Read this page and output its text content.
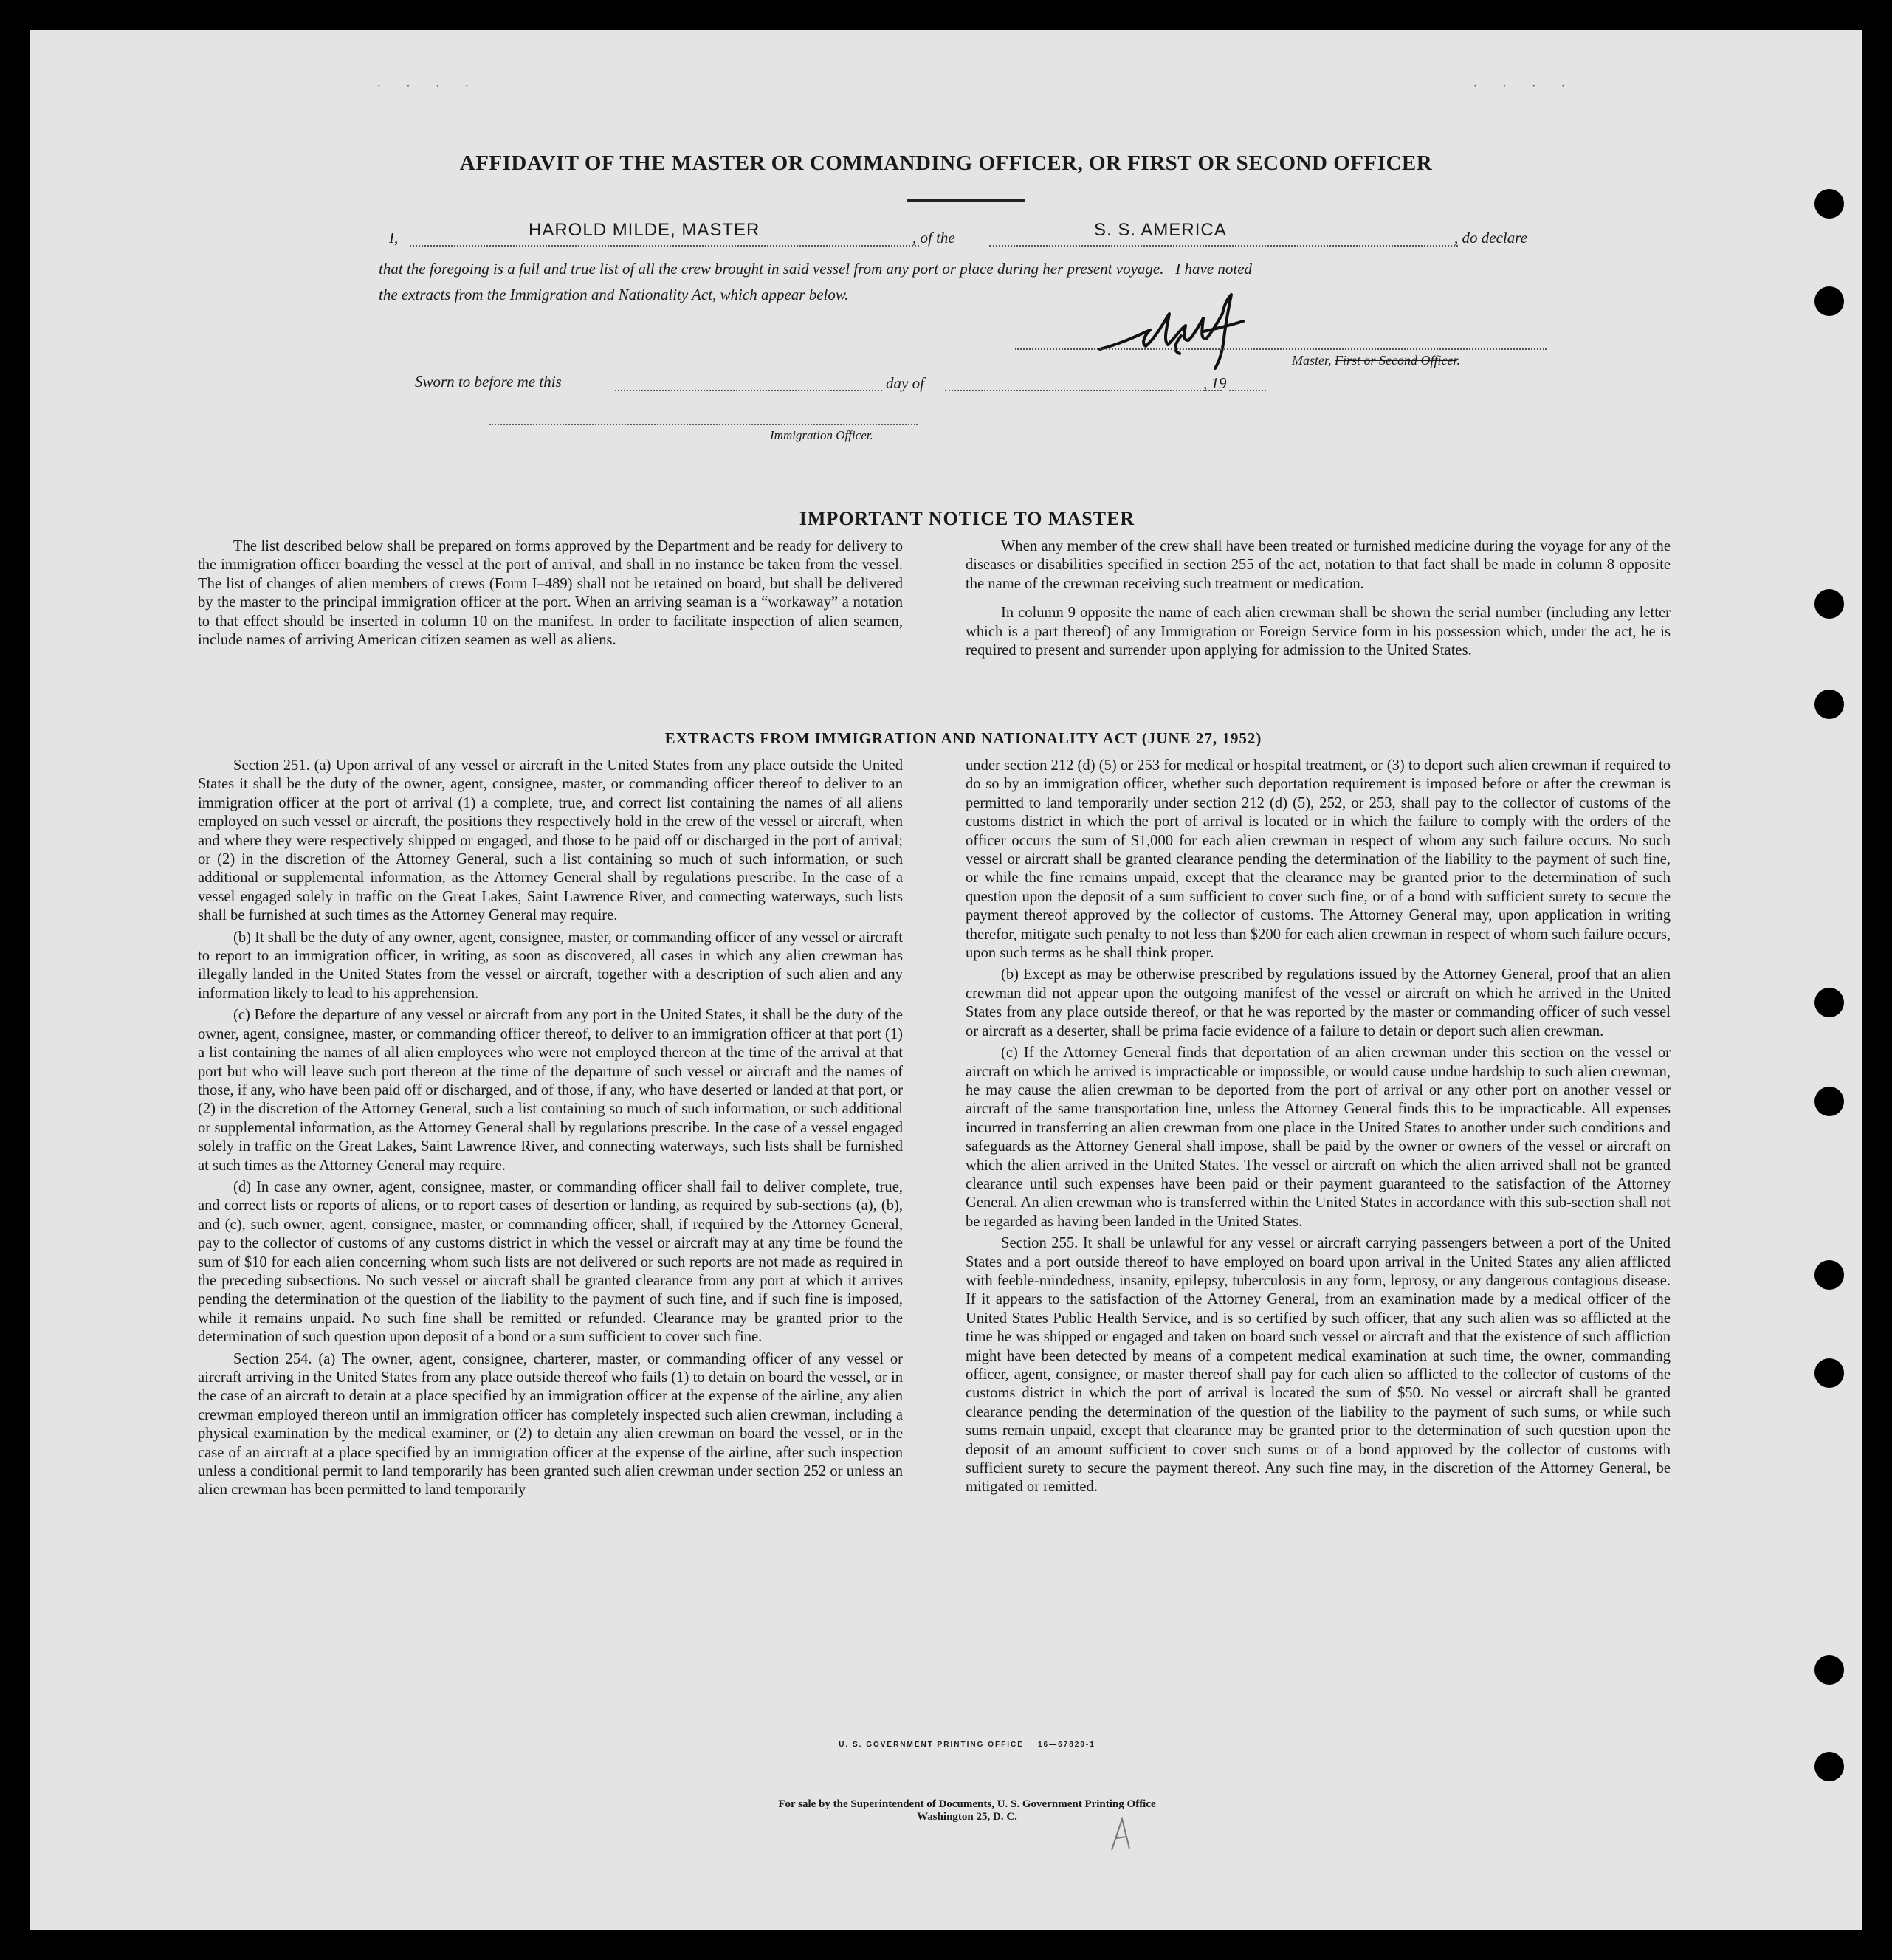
· · · ·	· · · ·
AFFIDAVIT OF THE MASTER OR COMMANDING OFFICER, OR FIRST OR SECOND OFFICER
I,	HAROLD MILDE, MASTER	, of the	S. S. AMERICA	, do declare
that the foregoing is a full and true list of all the crew brought in said vessel from any port or place during her present voyage.   I have noted
the extracts from the Immigration and Nationality Act, which appear below.
Master, First or Second Officer.
Sworn to before me this	day of	, 19
Immigration Officer.
IMPORTANT NOTICE TO MASTER

The list described below shall be prepared on forms approved by the Department and be ready for delivery to the immigration officer boarding the vessel at the port of arrival, and shall in no instance be taken from the vessel. The list of changes of alien members of crews (Form I–489) shall not be retained on board, but shall be delivered by the master to the principal immigration officer at the port. When an arriving seaman is a “workaway” a notation to that effect should be inserted in column 10 on the manifest. In order to facilitate inspection of alien seamen, include names of arriving American citizen seamen as well as aliens.

When any member of the crew shall have been treated or furnished medicine during the voyage for any of the diseases or disabilities specified in section 255 of the act, notation to that fact shall be made in column 8 opposite the name of the crewman receiving such treatment or medication.

In column 9 opposite the name of each alien crewman shall be shown the serial number (including any letter which is a part thereof) of any Immigration or Foreign Service form in his possession which, under the act, he is required to present and surrender upon applying for admission to the United States.

EXTRACTS FROM IMMIGRATION AND NATIONALITY ACT (JUNE 27, 1952)

Section 251. (a) Upon arrival of any vessel or aircraft in the United States from any place outside the United States it shall be the duty of the owner, agent, consignee, master, or commanding officer thereof to deliver to an immigration officer at the port of arrival (1) a complete, true, and correct list containing the names of all aliens employed on such vessel or aircraft, the positions they respectively hold in the crew of the vessel or aircraft, when and where they were respectively shipped or engaged, and those to be paid off or discharged in the port of arrival; or (2) in the discretion of the Attorney General, such a list containing so much of such information, or such additional or supplemental information, as the Attorney General shall by regulations prescribe. In the case of a vessel engaged solely in traffic on the Great Lakes, Saint Lawrence River, and connecting waterways, such lists shall be furnished at such times as the Attorney General may require.

(b) It shall be the duty of any owner, agent, consignee, master, or commanding officer of any vessel or aircraft to report to an immigration officer, in writing, as soon as discovered, all cases in which any alien crewman has illegally landed in the United States from the vessel or aircraft, together with a description of such alien and any information likely to lead to his apprehension.

(c) Before the departure of any vessel or aircraft from any port in the United States, it shall be the duty of the owner, agent, consignee, master, or commanding officer thereof, to deliver to an immigration officer at that port (1) a list containing the names of all alien employees who were not employed thereon at the time of the arrival at that port but who will leave such port thereon at the time of the departure of such vessel or aircraft and the names of those, if any, who have been paid off or discharged, and of those, if any, who have deserted or landed at that port, or (2) in the discretion of the Attorney General, such a list containing so much of such information, or such additional or supplemental information, as the Attorney General shall by regulations prescribe. In the case of a vessel engaged solely in traffic on the Great Lakes, Saint Lawrence River, and connecting waterways, such lists shall be furnished at such times as the Attorney General may require.

(d) In case any owner, agent, consignee, master, or commanding officer shall fail to deliver complete, true, and correct lists or reports of aliens, or to report cases of desertion or landing, as required by sub-sections (a), (b), and (c), such owner, agent, consignee, master, or commanding officer, shall, if required by the Attorney General, pay to the collector of customs of any customs district in which the vessel or aircraft may at any time be found the sum of $10 for each alien concerning whom such lists are not delivered or such reports are not made as required in the preceding subsections. No such vessel or aircraft shall be granted clearance from any port at which it arrives pending the determination of the question of the liability to the payment of such fine, and if such fine is imposed, while it remains unpaid. No such fine shall be remitted or refunded. Clearance may be granted prior to the determination of such question upon deposit of a bond or a sum sufficient to cover such fine.

Section 254. (a) The owner, agent, consignee, charterer, master, or commanding officer of any vessel or aircraft arriving in the United States from any place outside thereof who fails (1) to detain on board the vessel, or in the case of an aircraft to detain at a place specified by an immigration officer at the expense of the airline, any alien crewman employed thereon until an immigration officer has completely inspected such alien crewman, including a physical examination by the medical examiner, or (2) to detain any alien crewman on board the vessel, or in the case of an aircraft at a place specified by an immigration officer at the expense of the airline, after such inspection unless a conditional permit to land temporarily has been granted such alien crewman under section 252 or unless an alien crewman has been permitted to land temporarily

under section 212 (d) (5) or 253 for medical or hospital treatment, or (3) to deport such alien crewman if required to do so by an immigration officer, whether such deportation requirement is imposed before or after the crewman is permitted to land temporarily under section 212 (d) (5), 252, or 253, shall pay to the collector of customs of the customs district in which the port of arrival is located or in which the failure to comply with the orders of the officer occurs the sum of $1,000 for each alien crewman in respect of whom any such failure occurs. No such vessel or aircraft shall be granted clearance pending the determination of the liability to the payment of such fine, or while the fine remains unpaid, except that the clearance may be granted prior to the determination of such question upon the deposit of a sum sufficient to cover such fine, or of a bond with sufficient surety to secure the payment thereof approved by the collector of customs. The Attorney General may, upon application in writing therefor, mitigate such penalty to not less than $200 for each alien crewman in respect of whom such failure occurs, upon such terms as he shall think proper.

(b) Except as may be otherwise prescribed by regulations issued by the Attorney General, proof that an alien crewman did not appear upon the outgoing manifest of the vessel or aircraft on which he arrived in the United States from any place outside thereof, or that he was reported by the master or commanding officer of such vessel or aircraft as a deserter, shall be prima facie evidence of a failure to detain or deport such alien crewman.

(c) If the Attorney General finds that deportation of an alien crewman under this section on the vessel or aircraft on which he arrived is impracticable or impossible, or would cause undue hardship to such alien crewman, he may cause the alien crewman to be deported from the port of arrival or any other port on another vessel or aircraft of the same transportation line, unless the Attorney General finds this to be impracticable. All expenses incurred in transferring an alien crewman from one place in the United States to another under such conditions and safeguards as the Attorney General shall impose, shall be paid by the owner or owners of the vessel or aircraft on which the alien arrived in the United States. The vessel or aircraft on which the alien arrived shall not be granted clearance until such expenses have been paid or their payment guaranteed to the satisfaction of the Attorney General. An alien crewman who is transferred within the United States in accordance with this sub-section shall not be regarded as having been landed in the United States.

Section 255. It shall be unlawful for any vessel or aircraft carrying passengers between a port of the United States and a port outside thereof to have employed on board upon arrival in the United States any alien afflicted with feeble-mindedness, insanity, epilepsy, tuberculosis in any form, leprosy, or any dangerous contagious disease. If it appears to the satisfaction of the Attorney General, from an examination made by a medical officer of the United States Public Health Service, and is so certified by such officer, that any such alien was so afflicted at the time he was shipped or engaged and taken on board such vessel or aircraft and that the existence of such affliction might have been detected by means of a competent medical examination at such time, the owner, commanding officer, agent, consignee, or master thereof shall pay for each alien so afflicted to the collector of customs of the customs district in which the port of arrival is located the sum of $50. No vessel or aircraft shall be granted clearance pending the determination of the question of the liability to the payment of such sums, or while such sums remain unpaid, except that clearance may be granted prior to the determination of such question upon the deposit of an amount sufficient to cover such sums or of a bond approved by the collector of customs with sufficient surety to secure the payment thereof. Any such fine may, in the discretion of the Attorney General, be mitigated or remitted.

U. S. GOVERNMENT PRINTING OFFICE    16—67829-1
For sale by the Superintendent of Documents, U. S. Government Printing Office
Washington 25, D. C.
